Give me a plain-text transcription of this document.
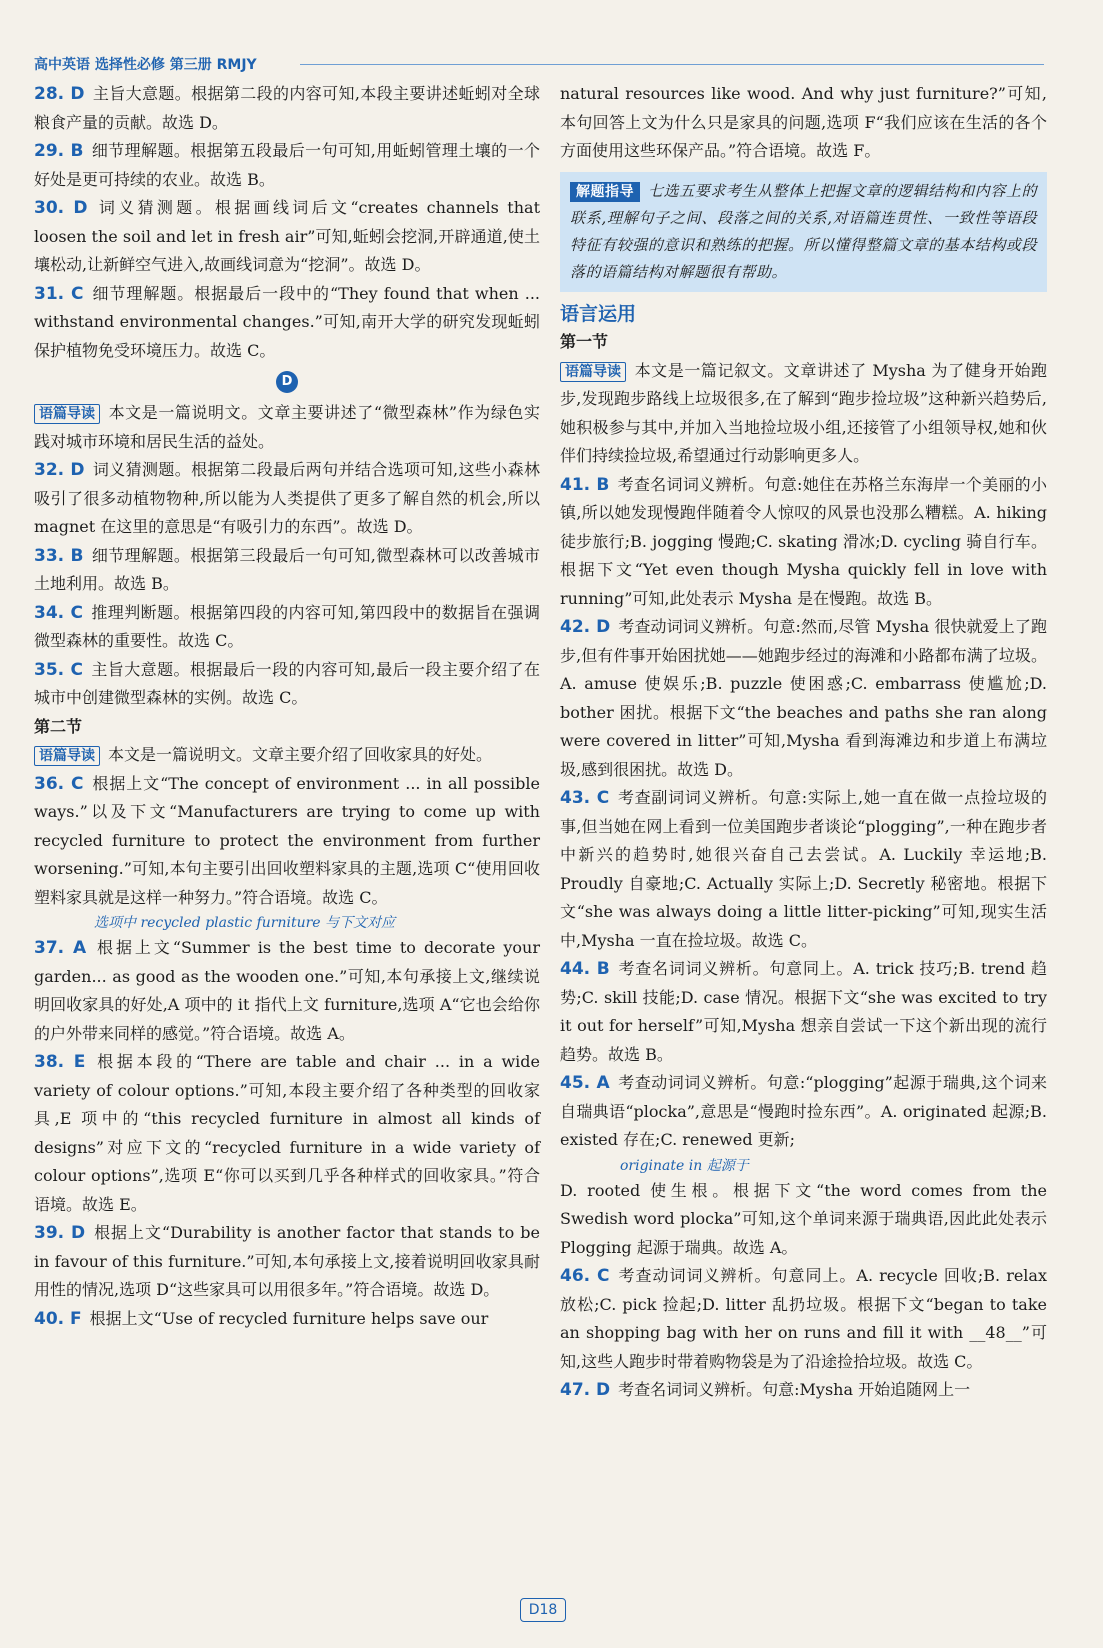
高中英语 选择性必修 第三册 RMJY
28. D 主旨大意题。根据第二段的内容可知,本段主要讲述蚯蚓对全球粮食产量的贡献。故选 D。
29. B 细节理解题。根据第五段最后一句可知,用蚯蚓管理土壤的一个好处是更可持续的农业。故选 B。
30. D 词义猜测题。根据画线词后文“creates channels that loosen the soil and let in fresh air”可知,蚯蚓会挖洞,开辟通道,使土壤松动,让新鲜空气进入,故画线词意为“挖洞”。故选 D。
31. C 细节理解题。根据最后一段中的“They found that when ... withstand environmental changes.”可知,南开大学的研究发现蚯蚓保护植物免受环境压力。故选 C。
D
语篇导读 本文是一篇说明文。文章主要讲述了“微型森林”作为绿色实践对城市环境和居民生活的益处。
32. D 词义猜测题。根据第二段最后两句并结合选项可知,这些小森林吸引了很多动植物物种,所以能为人类提供了更多了解自然的机会,所以 magnet 在这里的意思是“有吸引力的东西”。故选 D。
33. B 细节理解题。根据第三段最后一句可知,微型森林可以改善城市土地利用。故选 B。
34. C 推理判断题。根据第四段的内容可知,第四段中的数据旨在强调微型森林的重要性。故选 C。
35. C 主旨大意题。根据最后一段的内容可知,最后一段主要介绍了在城市中创建微型森林的实例。故选 C。
第二节
语篇导读 本文是一篇说明文。文章主要介绍了回收家具的好处。
36. C 根据上文“The concept of environment ... in all possible ways.”以及下文“Manufacturers are trying to come up with recycled furniture to protect the environment from further worsening.”可知,本句主要引出回收塑料家具的主题,选项 C“使用回收塑料家具就是这样一种努力。”符合语境。故选 C。
选项中 recycled plastic furniture 与下文对应
37. A 根据上文“Summer is the best time to decorate your garden... as good as the wooden one.”可知,本句承接上文,继续说明回收家具的好处,A 项中的 it 指代上文 furniture,选项 A“它也会给你的户外带来同样的感觉。”符合语境。故选 A。
38. E 根据本段的“There are table and chair ... in a wide variety of colour options.”可知,本段主要介绍了各种类型的回收家具,E 项中的“this recycled furniture in almost all kinds of designs”对应下文的“recycled furniture in a wide variety of colour options”,选项 E“你可以买到几乎各种样式的回收家具。”符合语境。故选 E。
39. D 根据上文“Durability is another factor that stands to be in favour of this furniture.”可知,本句承接上文,接着说明回收家具耐用性的情况,选项 D“这些家具可以用很多年。”符合语境。故选 D。
40. F 根据上文“Use of recycled furniture helps save our
natural resources like wood. And why just furniture?”可知,本句回答上文为什么只是家具的问题,选项 F“我们应该在生活的各个方面使用这些环保产品。”符合语境。故选 F。
解题指导 七选五要求考生从整体上把握文章的逻辑结构和内容上的联系,理解句子之间、段落之间的关系,对语篇连贯性、一致性等语段特征有较强的意识和熟练的把握。所以懂得整篇文章的基本结构或段落的语篇结构对解题很有帮助。
语言运用
第一节
语篇导读 本文是一篇记叙文。文章讲述了 Mysha 为了健身开始跑步,发现跑步路线上垃圾很多,在了解到“跑步捡垃圾”这种新兴趋势后,她积极参与其中,并加入当地捡垃圾小组,还接管了小组领导权,她和伙伴们持续捡垃圾,希望通过行动影响更多人。
41. B 考查名词词义辨析。句意:她住在苏格兰东海岸一个美丽的小镇,所以她发现慢跑伴随着令人惊叹的风景也没那么糟糕。A. hiking 徒步旅行;B. jogging 慢跑;C. skating 滑冰;D. cycling 骑自行车。根据下文“Yet even though Mysha quickly fell in love with running”可知,此处表示 Mysha 是在慢跑。故选 B。
42. D 考查动词词义辨析。句意:然而,尽管 Mysha 很快就爱上了跑步,但有件事开始困扰她——她跑步经过的海滩和小路都布满了垃圾。A. amuse 使娱乐;B. puzzle 使困惑;C. embarrass 使尴尬;D. bother 困扰。根据下文“the beaches and paths she ran along were covered in litter”可知,Mysha 看到海滩边和步道上布满垃圾,感到很困扰。故选 D。
43. C 考查副词词义辨析。句意:实际上,她一直在做一点捡垃圾的事,但当她在网上看到一位美国跑步者谈论“plogging”,一种在跑步者中新兴的趋势时,她很兴奋自己去尝试。A. Luckily 幸运地;B. Proudly 自豪地;C. Actually 实际上;D. Secretly 秘密地。根据下文“she was always doing a little litter-picking”可知,现实生活中,Mysha 一直在捡垃圾。故选 C。
44. B 考查名词词义辨析。句意同上。A. trick 技巧;B. trend 趋势;C. skill 技能;D. case 情况。根据下文“she was excited to try it out for herself”可知,Mysha 想亲自尝试一下这个新出现的流行趋势。故选 B。
45. A 考查动词词义辨析。句意:“plogging”起源于瑞典,这个词来自瑞典语“plocka”,意思是“慢跑时捡东西”。A. originated 起源;B. existed 存在;C. renewed 更新;
originate in 起源于
D. rooted 使生根。根据下文“the word comes from the Swedish word plocka”可知,这个单词来源于瑞典语,因此此处表示 Plogging 起源于瑞典。故选 A。
46. C 考查动词词义辨析。句意同上。A. recycle 回收;B. relax 放松;C. pick 捡起;D. litter 乱扔垃圾。根据下文“began to take an shopping bag with her on runs and fill it with __48__”可知,这些人跑步时带着购物袋是为了沿途捡拾垃圾。故选 C。
47. D 考查名词词义辨析。句意:Mysha 开始追随网上一
D18
